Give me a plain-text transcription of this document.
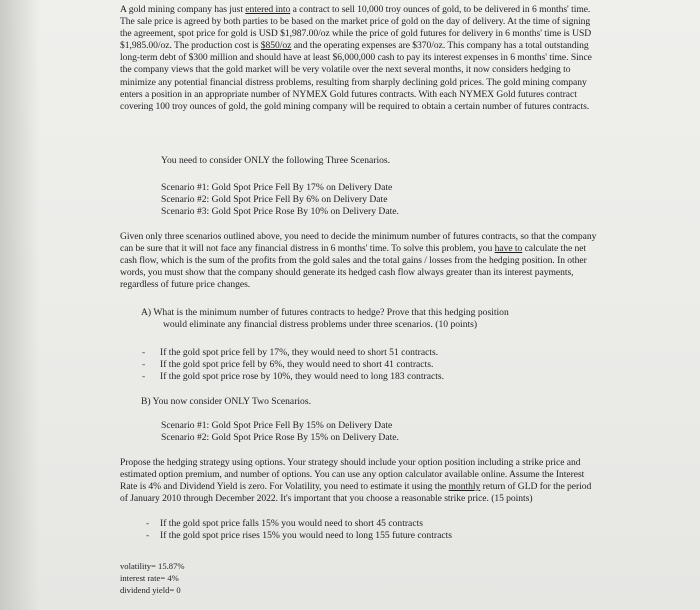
A gold mining company has just entered into a contract to sell 10,000 troy ounces of gold, to be delivered in 6 months' time. The sale price is agreed by both parties to be based on the market price of gold on the day of delivery. At the time of signing the agreement, spot price for gold is USD $1,987.00/oz while the price of gold futures for delivery in 6 months' time is USD $1,985.00/oz. The production cost is $850/oz and the operating expenses are $370/oz. This company has a total outstanding long-term debt of $300 million and should have at least $6,000,000 cash to pay its interest expenses in 6 months' time. Since the company views that the gold market will be very volatile over the next several months, it now considers hedging to minimize any potential financial distress problems, resulting from sharply declining gold prices. The gold mining company enters a position in an appropriate number of NYMEX Gold futures contracts. With each NYMEX Gold futures contract covering 100 troy ounces of gold, the gold mining company will be required to obtain a certain number of futures contracts.

You need to consider ONLY the following Three Scenarios.

Scenario #1: Gold Spot Price Fell By 17% on Delivery Date

Scenario #2: Gold Spot Price Fell By 6% on Delivery Date

Scenario #3: Gold Spot Price Rose By 10% on Delivery Date.

Given only three scenarios outlined above, you need to decide the minimum number of futures contracts, so that the company can be sure that it will not face any financial distress in 6 months' time. To solve this problem, you have to calculate the net cash flow, which is the sum of the profits from the gold sales and the total gains / losses from the hedging position. In other words, you must show that the company should generate its hedged cash flow always greater than its interest payments, regardless of future price changes.

A) What is the minimum number of futures contracts to hedge? Prove that this hedging position

would eliminate any financial distress problems under three scenarios. (10 points)

- If the gold spot price fell by 17%, they would need to short 51 contracts.

- If the gold spot price fell by 6%, they would need to short 41 contracts.

- If the gold spot price rose by 10%, they would need to long 183 contracts.

B) You now consider ONLY Two Scenarios.

Scenario #1: Gold Spot Price Fell By 15% on Delivery Date

Scenario #2: Gold Spot Price Rose By 15% on Delivery Date.

Propose the hedging strategy using options. Your strategy should include your option position including a strike price and estimated option premium, and number of options. You can use any option calculator available online. Assume the Interest Rate is 4% and Dividend Yield is zero. For Volatility, you need to estimate it using the monthly return of GLD for the period of January 2010 through December 2022. It's important that you choose a reasonable strike price. (15 points)

- If the gold spot price falls 15% you would need to short 45 contracts

- If the gold spot price rises 15% you would need to long 155 future contracts

volatility= 15.87%

interest rate= 4%

dividend yield= 0
